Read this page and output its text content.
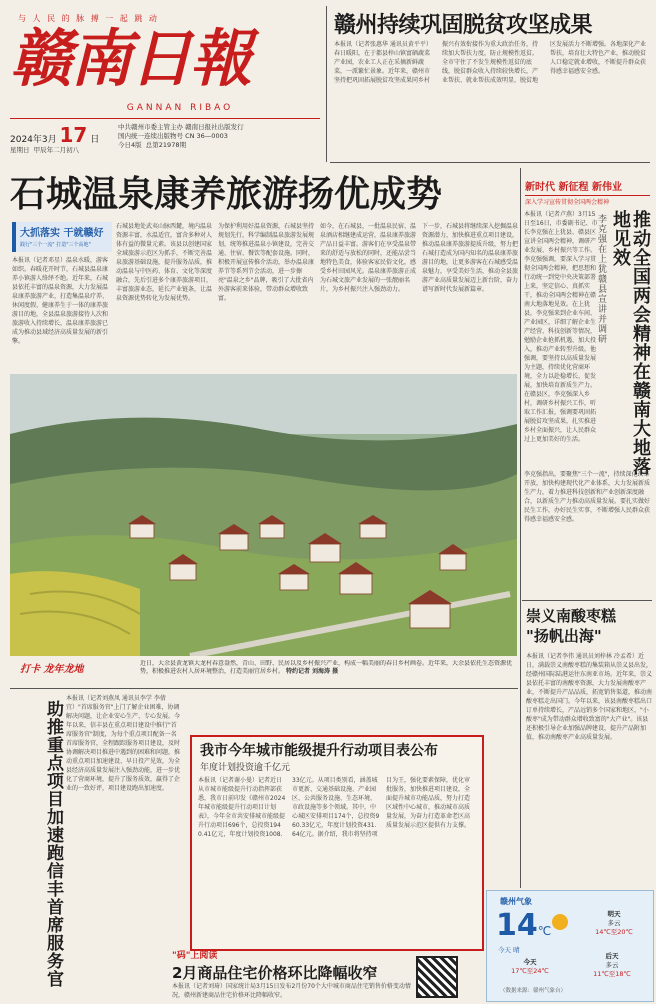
与 人 民 的 脉 搏 一 起 跳 动
赣南日報
GANNAN RIBAO
2024年3月 17 日
星期日 甲辰年二月初八
中共赣州市委主管主办 赣南日报社出版发行
国内统一连续出版物号 CN 36—0003
今日4版 总第21978期
赣州持续巩固脱贫攻坚成果
本报讯（记者张惠华 通讯员黄平平）春日暖阳，在于都县梓山镇富硒蔬菜产业园，农业工人正在采摘新鲜蔬菜，一派繁忙景象。近年来，赣州市坚持把巩固拓展脱贫攻坚成果同乡村振兴有效衔接作为重大政治任务，持续加大帮扶力度，防止规模性返贫。全市守住了不发生规模性返贫的底线，脱贫群众收入持续较快增长，产业帮扶、就业帮扶成效明显，脱贫地区发展活力不断增强。各地深化产业帮扶，培育壮大特色产业，推动脱贫人口稳定就业增收，不断提升群众获得感幸福感安全感。
石城温泉康养旅游扬优成势
大抓落实 干就赣好
践行"三个一流" 打造"三个高地"
本报讯（记者邓星）温泉水暖，游客如织。春暖花开时节，石城县温泉康养小镇游人络绎不绝。近年来，石城县依托丰富的温泉资源，大力发展温泉康养旅游产业，打造集温泉疗养、休闲度假、健康养生于一体的康养旅游目的地，全县温泉旅游接待人次和旅游收入持续增长，温泉康养旅游已成为推动县域经济高质量发展的新引擎。
石城县地处武夷山脉西麓，境内温泉资源丰富，水温适宜，富含多种对人体有益的微量元素。该县以创建国家全域旅游示范区为抓手，不断完善温泉旅游基础设施，提升服务品质，推动温泉与中医药、体育、文化等深度融合，先后引进多个康养旅游项目，丰富旅游业态，延长产业链条，让温泉资源优势转化为发展优势。
为保护利用好温泉资源，石城县坚持规划先行，科学编制温泉旅游发展规划，统筹推进温泉小镇建设，完善交通、住宿、餐饮等配套设施。同时，积极开展宣传推介活动，举办温泉康养节等系列节会活动，进一步擦亮"温泉之乡"品牌，吸引了大批省内外游客前来体验，带动群众增收致富。
如今，在石城县，一批温泉民宿、温泉酒店相继建成运营，温泉康养旅游产品日益丰富。游客们在享受温泉带来的舒适与放松的同时，还能品尝当地特色美食，体验客家民俗文化，感受乡村田园风光。温泉康养旅游正成为石城文旅产业发展的一张靓丽名片，为乡村振兴注入强劲动力。
下一步，石城县将继续深入挖掘温泉资源潜力，加快推进重点项目建设，推动温泉康养旅游提质升级，努力把石城打造成为国内知名的温泉康养旅游目的地，让更多游客在石城感受温泉魅力，享受美好生活，推动全县旅游产业高质量发展迈上新台阶，奋力谱写新时代发展新篇章。
打卡 龙年龙地
近日，大余县黄龙镇大龙村春意盎然，青山、田野、民居以及乡村振兴产业，构成一幅美丽的春日乡村画卷。近年来，大余县依托生态资源优势，积极推进农村人居环境整治，打造美丽宜居乡村。 特约记者 刘海涛 摄
新时代 新征程 新伟业
深入学习宣传贯彻全国两会精神
本报讯（记者卢燕）3月15日至16日，市委副书记、市长李克强在上犹县、赣县区宣讲全国两会精神，调研产业发展、乡村振兴等工作。李克强强调，要深入学习贯彻全国两会精神，把思想和行动统一到党中央决策部署上来，坚定信心、真抓实干，推动全国两会精神在赣南大地落地见效。在上犹县，李克强来到企业车间、产业园区，详细了解企业生产经营、科技创新等情况，勉励企业抢抓机遇、加大投入，推动产业转型升级。他强调，要坚持以高质量发展为主题，持续优化营商环境，全力以赴稳增长、促发展，加快培育新质生产力。在赣县区，李克强深入乡村，调研乡村振兴工作，听取工作汇报，强调要巩固拓展脱贫攻坚成果，扎实推进乡村全面振兴，让人民群众过上更加美好的生活。	推动全国两会精神在赣南大地落地见效
李克强在上犹赣县宣讲并调研
李克强指出，要聚焦"三个一流"，持续深化改革开放，加快构建现代化产业体系，大力发展新质生产力，着力推进科技创新和产业创新深度融合，以新质生产力推动高质量发展。要扎实做好民生工作，办好民生实事，不断增强人民群众获得感幸福感安全感。
崇义南酸枣糕
"扬帆出海"
本报讯（记者李伟 通讯员刘梓林 冷孟希）近日，满载崇义南酸枣糕的集装箱从崇义县出发，经赣州国际陆港运往东南亚市场。近年来，崇义县依托丰富的南酸枣资源，大力发展南酸枣产业，不断提升产品品质，拓宽销售渠道，推动南酸枣糕走出国门。今年以来，该县南酸枣糕出口订单持续增长，产品远销多个国家和地区，"小酸枣"成为带动群众增收致富的"大产业"。该县还积极引导企业加强品牌建设，提升产品附加值，推动南酸枣产业高质量发展。
本报讯（记者刘燕凤 通讯员李学 李倩宜）"首席服务官"上门了解企业困难，协调解决问题，让企业安心生产、专心发展。今年以来，信丰县在重点项目建设中推行"首席服务官"制度，为每个重点项目配备一名首席服务官，全程跟踪服务项目建设，及时协调解决项目推进中遇到的困难和问题，推动重点项目加速建设、早日投产见效，为全县经济高质量发展注入强劲动能，进一步优化了营商环境，提升了服务质效，赢得了企业的一致好评，项目建设跑出加速度。
助推重点项目加速跑信丰首席服务官	我市今年城市能级提升行动项目表公布
年度计划投资逾千亿元
本报讯（记者谢小曼）记者近日从市城市能级提升行动指挥部获悉，我市日前印发《赣州市2024年城市能级提升行动项目计划表》，今年全市共安排城市能级提升行动项目696个，总投资1940.41亿元，年度计划投资1008.33亿元。从项目类别看，涵盖城市更新、交通基础设施、产业园区、公共服务设施、生态环境、市政设施等多个领域。其中，中心城区安排项目174个，总投资960.33亿元，年度计划投资431.64亿元。据介绍，我市将坚持项目为王，强化要素保障，优化审批服务，加快推进项目建设，全面提升城市功能品质，努力打造区域性中心城市，推动城市高质量发展，为奋力打造革命老区高质量发展示范区提供有力支撑。
"码"上阅读
2月商品住宅价格环比降幅收窄
本报讯（记者刘琦）国家统计局3月15日发布2月份70个大中城市商品住宅销售价格变动情况，赣州新建商品住宅价格环比降幅收窄。
赣州气象
14℃
今天 晴
明天
多云
14℃至20℃
今天
17℃至24℃
后天
多云
11℃至18℃
（数据来源：赣州气象台）
